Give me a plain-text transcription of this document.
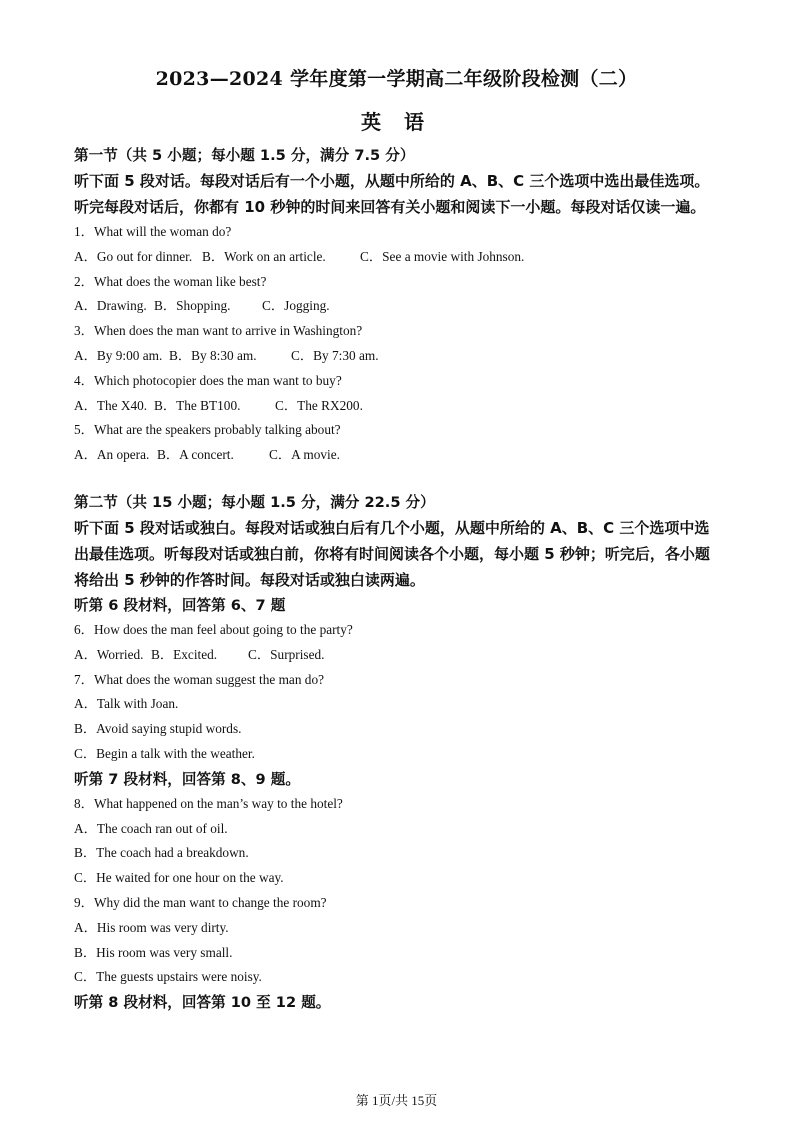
2023—2024 学年度第一学期高二年级阶段检测（二）
英 语

第一节（共 5 小题；每小题 1.5 分，满分 7.5 分）

听下面 5 段对话。每段对话后有一个小题，从题中所给的 A、B、C 三个选项中选出最佳选项。听完每段对话后，你都有 10 秒钟的时间来回答有关小题和阅读下一小题。每段对话仅读一遍。

1．What will the woman do?

A．Go out for dinner. B．Work on an article.	C．See a movie with Johnson.

2．What does the woman like best?

A．Drawing. B．Shopping. C．Jogging.

3．When does the man want to arrive in Washington?

A．By 9:00 am. B．By 8:30 am.	C．By 7:30 am.

4．Which photocopier does the man want to buy?

A．The X40. B．The BT100.	C．The RX200.

5．What are the speakers probably talking about?

A．An opera. B．A concert.	C．A movie.

第二节（共 15 小题；每小题 1.5 分，满分 22.5 分）

听下面 5 段对话或独白。每段对话或独白后有几个小题，从题中所给的 A、B、C 三个选项中选出最佳选项。听每段对话或独白前，你将有时间阅读各个小题，每小题 5 秒钟；听完后，各小题将给出 5 秒钟的作答时间。每段对话或独白读两遍。

听第 6 段材料，回答第 6、7 题

6．How does the man feel about going to the party?

A．Worried. B．Excited. C．Surprised.

7．What does the woman suggest the man do?

A．Talk with Joan.

B．Avoid saying stupid words.

C．Begin a talk with the weather.

听第 7 段材料，回答第 8、9 题。

8．What happened on the man’s way to the hotel?

A．The coach ran out of oil.

B．The coach had a breakdown.

C．He waited for one hour on the way.

9．Why did the man want to change the room?

A．His room was very dirty.

B．His room was very small.

C．The guests upstairs were noisy.

听第 8 段材料，回答第 10 至 12 题。

第 1页/共 15页
